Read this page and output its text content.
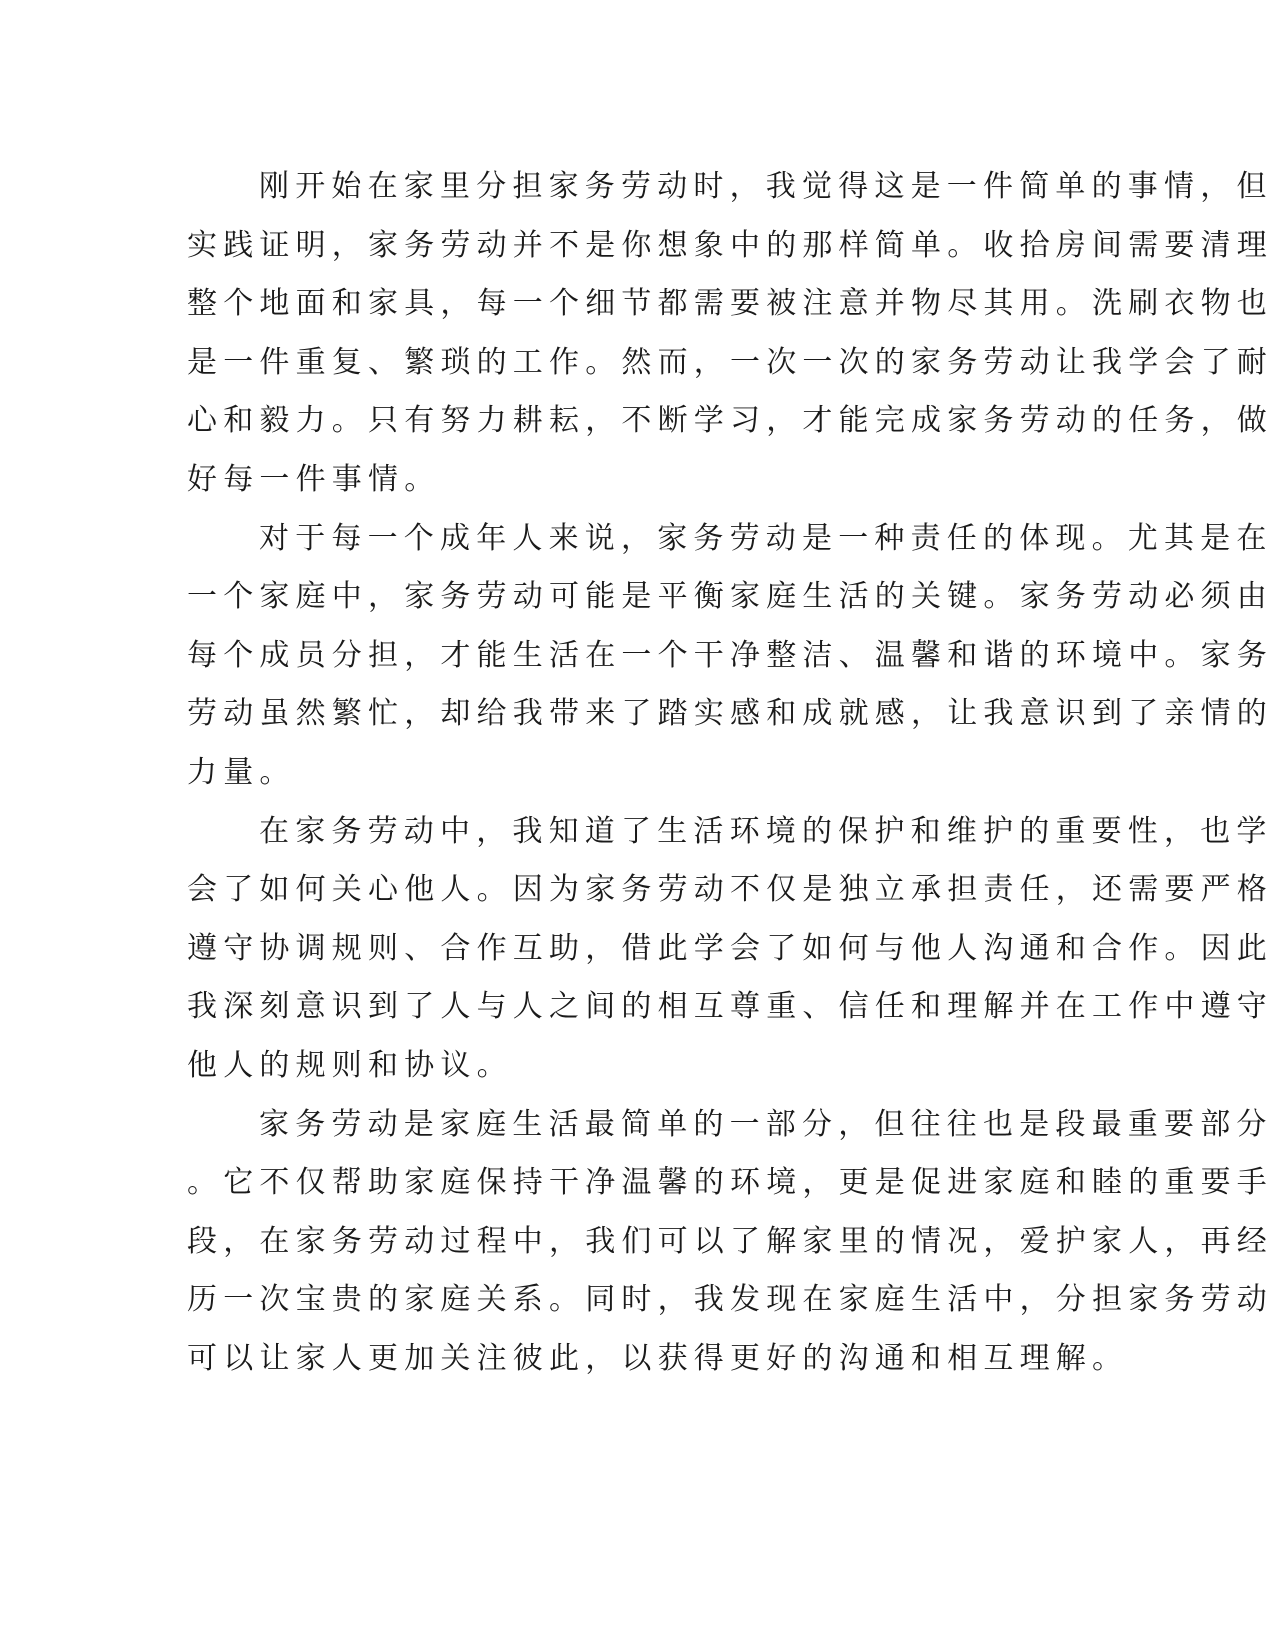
刚开始在家里分担家务劳动时，我觉得这是一件简单的事情，但
实践证明，家务劳动并不是你想象中的那样简单。收拾房间需要清理
整个地面和家具，每一个细节都需要被注意并物尽其用。洗刷衣物也
是一件重复、繁琐的工作。然而，一次一次的家务劳动让我学会了耐
心和毅力。只有努力耕耘，不断学习，才能完成家务劳动的任务，做
好每一件事情。
对于每一个成年人来说，家务劳动是一种责任的体现。尤其是在
一个家庭中，家务劳动可能是平衡家庭生活的关键。家务劳动必须由
每个成员分担，才能生活在一个干净整洁、温馨和谐的环境中。家务
劳动虽然繁忙，却给我带来了踏实感和成就感，让我意识到了亲情的
力量。
在家务劳动中，我知道了生活环境的保护和维护的重要性，也学
会了如何关心他人。因为家务劳动不仅是独立承担责任，还需要严格
遵守协调规则、合作互助，借此学会了如何与他人沟通和合作。因此
我深刻意识到了人与人之间的相互尊重、信任和理解并在工作中遵守
他人的规则和协议。
家务劳动是家庭生活最简单的一部分，但往往也是段最重要部分
。它不仅帮助家庭保持干净温馨的环境，更是促进家庭和睦的重要手
段，在家务劳动过程中，我们可以了解家里的情况，爱护家人，再经
历一次宝贵的家庭关系。同时，我发现在家庭生活中，分担家务劳动
可以让家人更加关注彼此，以获得更好的沟通和相互理解。
